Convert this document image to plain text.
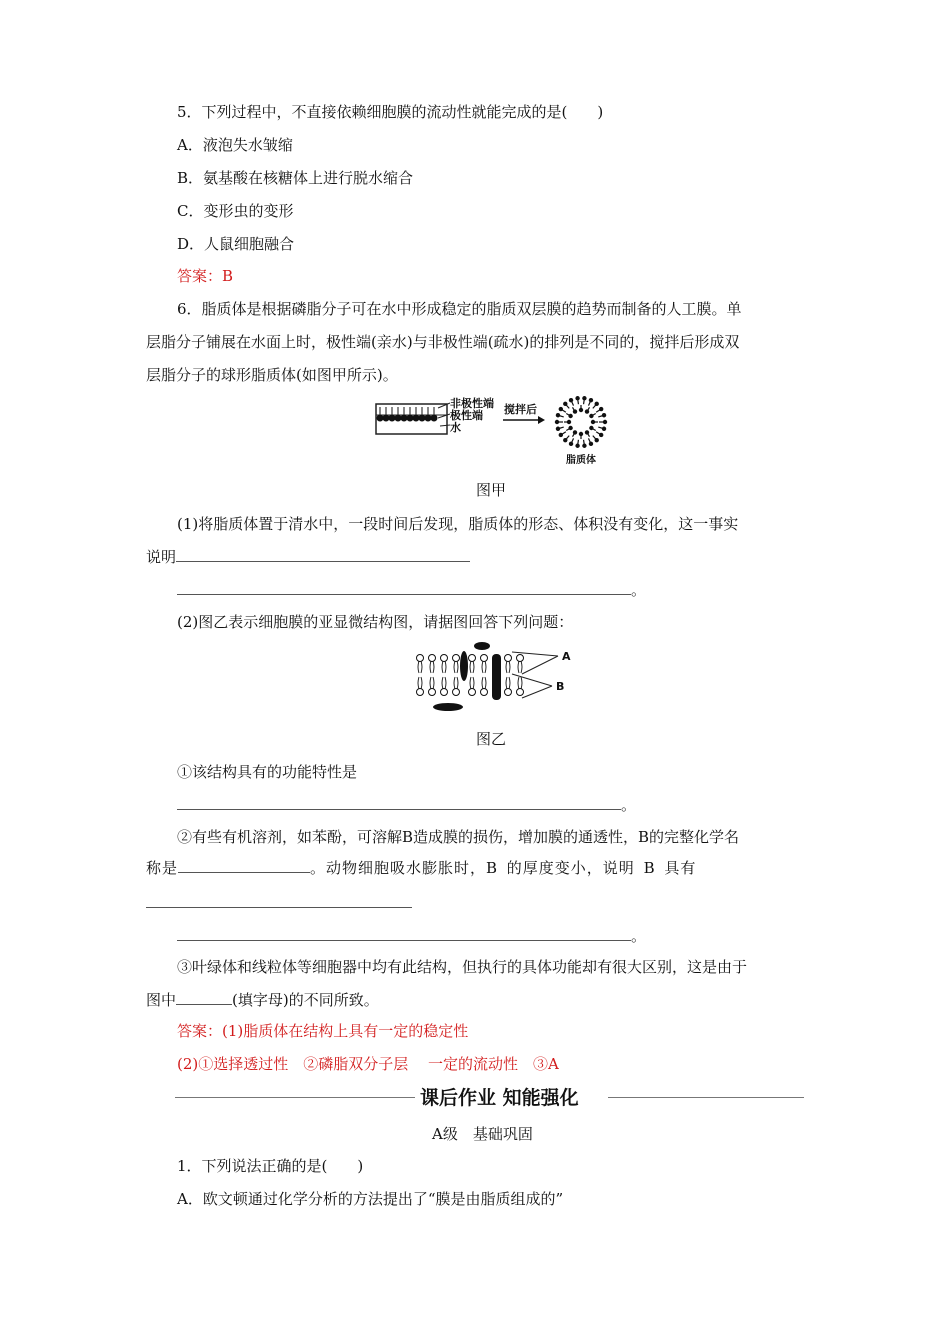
5．下列过程中，不直接依赖细胞膜的流动性就能完成的是(　　)
A．液泡失水皱缩
B．氨基酸在核糖体上进行脱水缩合
C．变形虫的变形
D．人鼠细胞融合
答案：B
6．脂质体是根据磷脂分子可在水中形成稳定的脂质双层膜的趋势而制备的人工膜。单
层脂分子铺展在水面上时，极性端(亲水)与非极性端(疏水)的排列是不同的，搅拌后形成双
层脂分子的球形脂质体(如图甲所示)。
非极性端
极性端
水
搅拌后
脂质体
图甲
(1)将脂质体置于清水中，一段时间后发现，脂质体的形态、体积没有变化，这一事实
说明
。
(2)图乙表示细胞膜的亚显微结构图，请据图回答下列问题：
A
B
图乙
①该结构具有的功能特性是
。
②有些有机溶剂，如苯酚，可溶解B造成膜的损伤，增加膜的通透性，B的完整化学名
称是	。动物细胞吸水膨胀时，B 的厚度变小，说明 B 具有
。
③叶绿体和线粒体等细胞器中均有此结构，但执行的具体功能却有很大区别，这是由于
图中	(填字母)的不同所致。
答案：(1)脂质体在结构上具有一定的稳定性
(2)①选择透过性　②磷脂双分子层　 一定的流动性　③A
课后作业 知能强化
A级　基础巩固
1．下列说法正确的是(　　)
A．欧文顿通过化学分析的方法提出了“膜是由脂质组成的”
